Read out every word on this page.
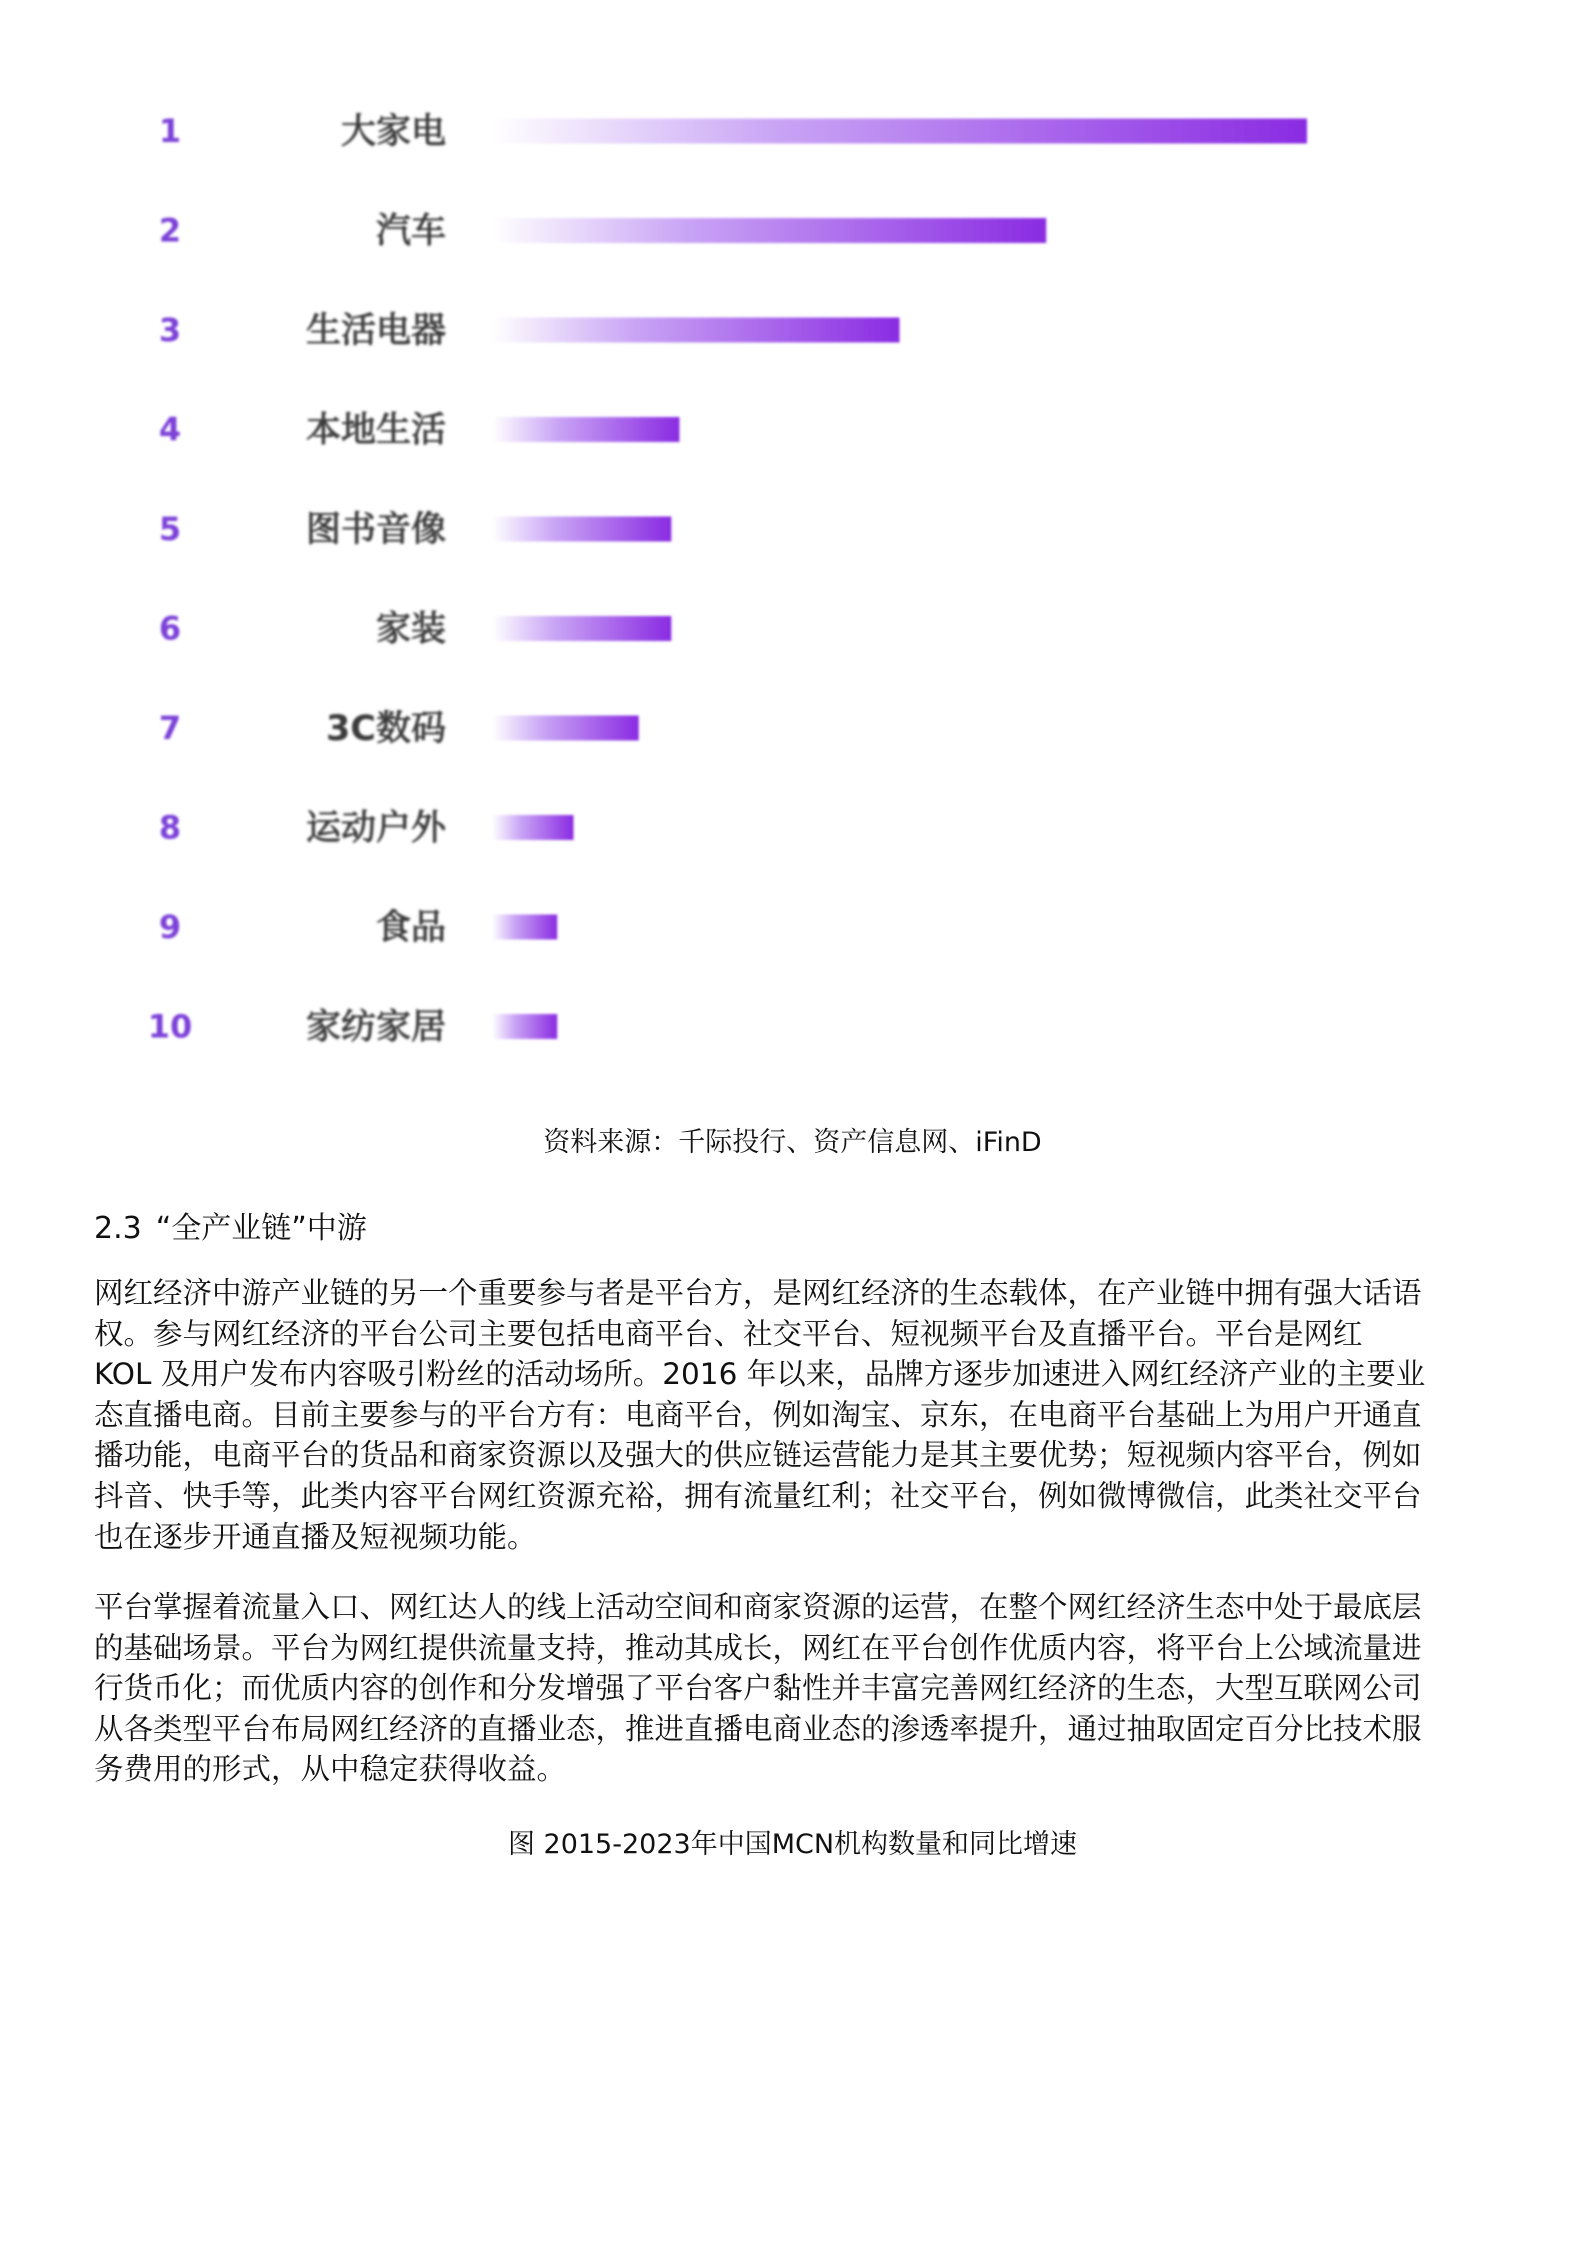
1	大家电
2	汽车
3	生活电器
4	本地生活
5	图书音像
6	家装
7	3C数码
8	运动户外
9	食品
10	家纺家居
资料来源：千际投行、资产信息网、iFinD
2.3 “全产业链”中游
网红经济中游产业链的另一个重要参与者是平台方，是网红经济的生态载体，在产业链中拥有强大话语
权。参与网红经济的平台公司主要包括电商平台、社交平台、短视频平台及直播平台。平台是网红
KOL 及用户发布内容吸引粉丝的活动场所。2016 年以来，品牌方逐步加速进入网红经济产业的主要业
态直播电商。目前主要参与的平台方有：电商平台，例如淘宝、京东，在电商平台基础上为用户开通直
播功能，电商平台的货品和商家资源以及强大的供应链运营能力是其主要优势；短视频内容平台，例如
抖音、快手等，此类内容平台网红资源充裕，拥有流量红利；社交平台，例如微博微信，此类社交平台
也在逐步开通直播及短视频功能。
平台掌握着流量入口、网红达人的线上活动空间和商家资源的运营，在整个网红经济生态中处于最底层
的基础场景。平台为网红提供流量支持，推动其成长，网红在平台创作优质内容，将平台上公域流量进
行货币化；而优质内容的创作和分发增强了平台客户黏性并丰富完善网红经济的生态，大型互联网公司
从各类型平台布局网红经济的直播业态，推进直播电商业态的渗透率提升，通过抽取固定百分比技术服
务费用的形式，从中稳定获得收益。
图 2015-2023年中国MCN机构数量和同比增速
